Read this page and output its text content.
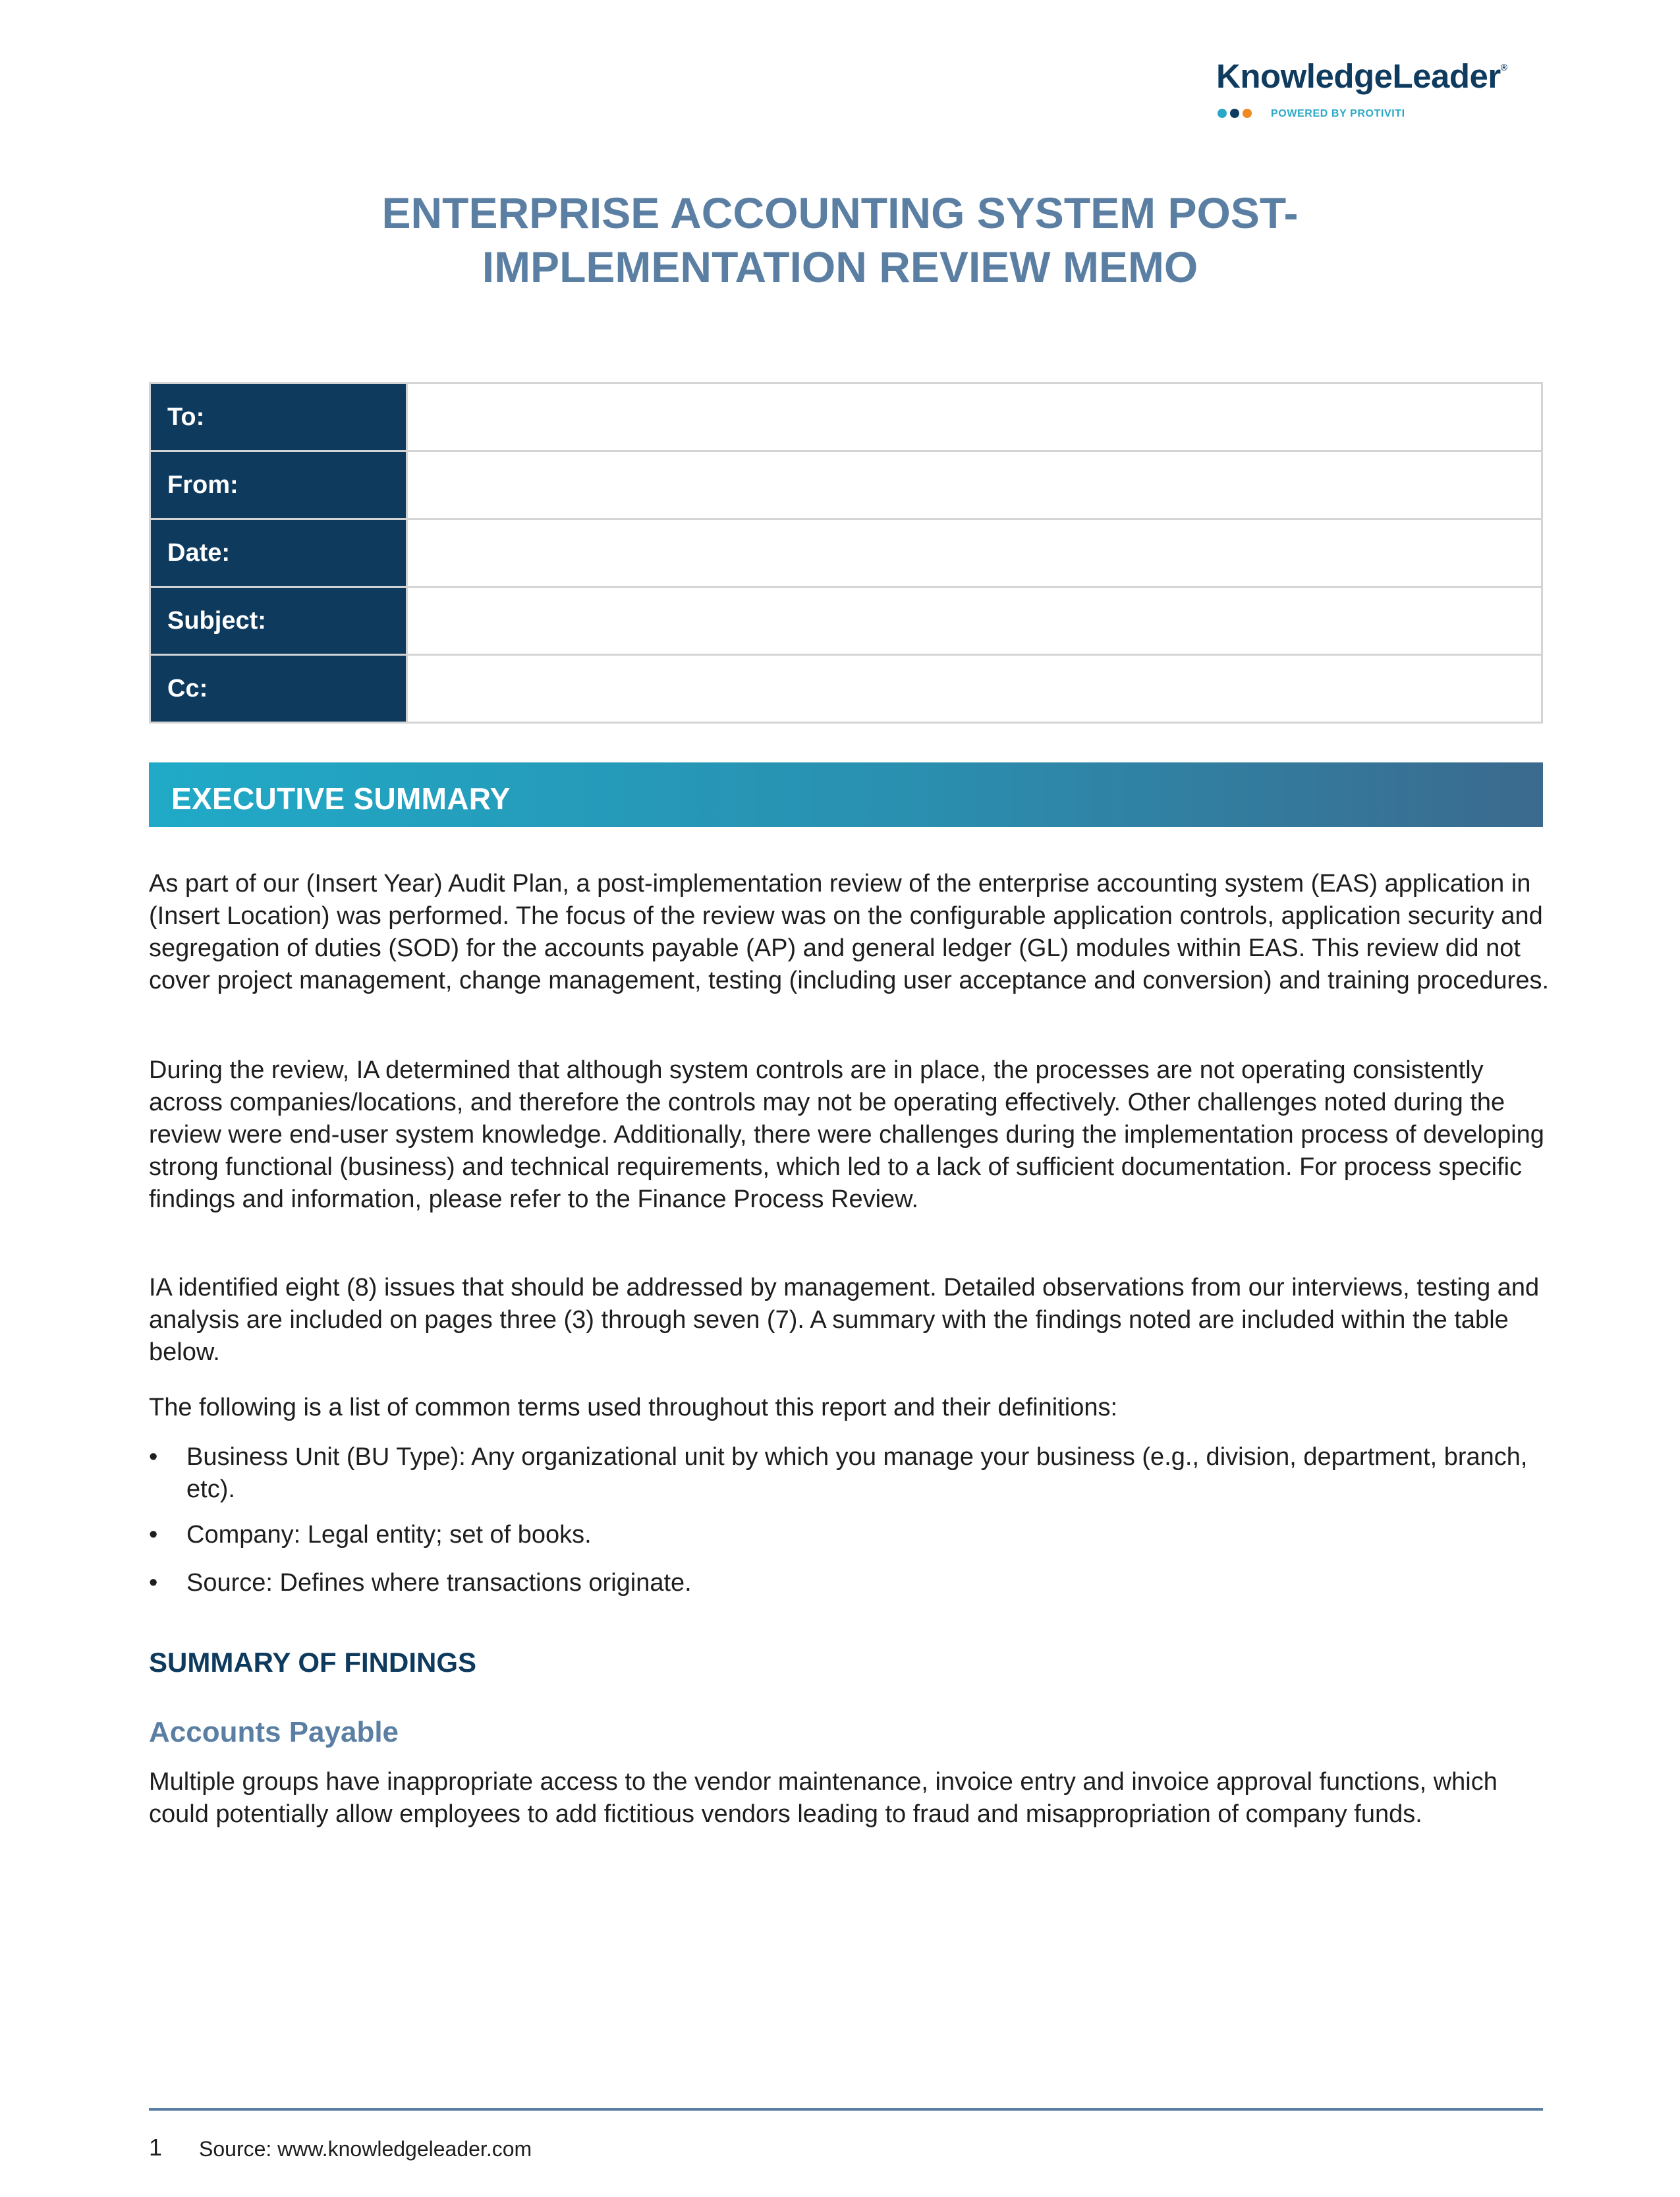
KnowledgeLeader®
POWERED BY PROTIVITI
ENTERPRISE ACCOUNTING SYSTEM POST-
IMPLEMENTATION REVIEW MEMO
To:	
From:	
Date:	
Subject:	
Cc:	
EXECUTIVE SUMMARY
As part of our (Insert Year) Audit Plan, a post-implementation review of the enterprise accounting system (EAS) application in (Insert Location) was performed. The focus of the review was on the configurable application controls, application security and segregation of duties (SOD) for the accounts payable (AP) and general ledger (GL) modules within EAS. This review did not cover project management, change management, testing (including user acceptance and conversion) and training procedures.
During the review, IA determined that although system controls are in place, the processes are not operating consistently across companies/locations, and therefore the controls may not be operating effectively. Other challenges noted during the review were end-user system knowledge. Additionally, there were challenges during the implementation process of developing strong functional (business) and technical requirements, which led to a lack of sufficient documentation. For process specific findings and information, please refer to the Finance Process Review.
IA identified eight (8) issues that should be addressed by management. Detailed observations from our interviews, testing and analysis are included on pages three (3) through seven (7). A summary with the findings noted are included within the table below.
The following is a list of common terms used throughout this report and their definitions:
• Business Unit (BU Type): Any organizational unit by which you manage your business (e.g., division, department, branch, etc).
• Company: Legal entity; set of books.
• Source: Defines where transactions originate.
SUMMARY OF FINDINGS
Accounts Payable
Multiple groups have inappropriate access to the vendor maintenance, invoice entry and invoice approval functions, which could potentially allow employees to add fictitious vendors leading to fraud and misappropriation of company funds.
1 Source: www.knowledgeleader.com
